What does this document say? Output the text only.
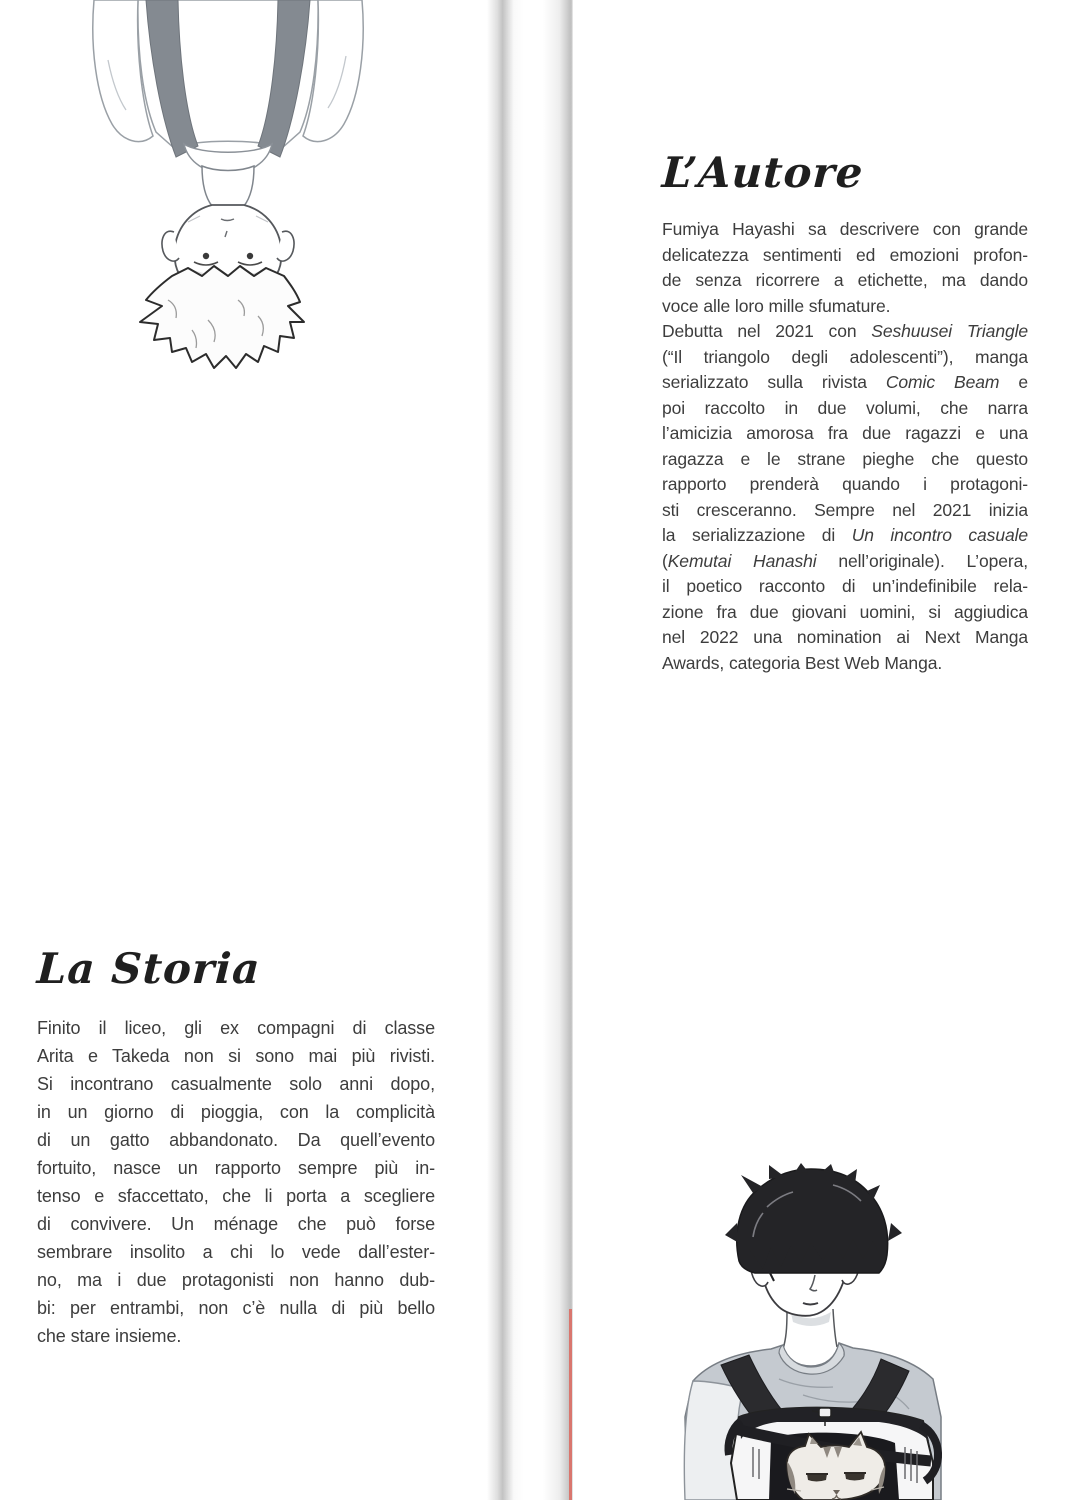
L’Autore
Fumiya Hayashi sa descrivere con grande
delicatezza sentimenti ed emozioni profon-
de senza ricorrere a etichette, ma dando
voce alle loro mille sfumature.
Debutta nel 2021 con Seshuusei Triangle
(“Il triangolo degli adolescenti”), manga
serializzato sulla rivista Comic Beam e
poi raccolto in due volumi, che narra
l’amicizia amorosa fra due ragazzi e una
ragazza e le strane pieghe che questo
rapporto prenderà quando i protagoni-
sti cresceranno. Sempre nel 2021 inizia
la serializzazione di Un incontro casuale
(Kemutai Hanashi nell’originale). L’opera,
il poetico racconto di un’indefinibile rela-
zione fra due giovani uomini, si aggiudica
nel 2022 una nomination ai Next Manga
Awards, categoria Best Web Manga.
La Storia
Finito il liceo, gli ex compagni di classe
Arita e Takeda non si sono mai più rivisti.
Si incontrano casualmente solo anni dopo,
in un giorno di pioggia, con la complicità
di un gatto abbandonato. Da quell’evento
fortuito, nasce un rapporto sempre più in-
tenso e sfaccettato, che li porta a scegliere
di convivere. Un ménage che può forse
sembrare insolito a chi lo vede dall’ester-
no, ma i due protagonisti non hanno dub-
bi: per entrambi, non c’è nulla di più bello
che stare insieme.
